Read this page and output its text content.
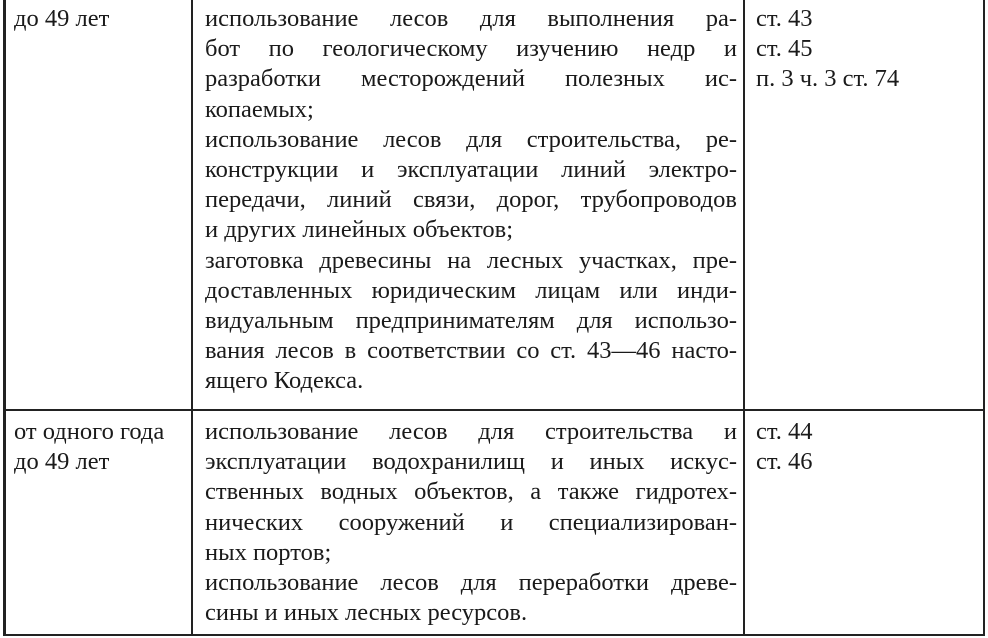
до 49 лет	использование лесов для выполнения ра-
бот по геологическому изучению недр и
разработки месторождений полезных ис-
копаемых;
использование лесов для строительства, ре-
конструкции и эксплуатации линий электро-
передачи, линий связи, дорог, трубопроводов
и других линейных объектов;
заготовка древесины на лесных участках, пре-
доставленных юридическим лицам или инди-
видуальным предпринимателям для использо-
вания лесов в соответствии со ст. 43—46 насто-
ящего Кодекса.
ст. 43
ст. 45
п. 3 ч. 3 ст. 74
от одного года
до 49 лет
использование лесов для строительства и
эксплуатации водохранилищ и иных искус-
ственных водных объектов, а также гидротех-
нических сооружений и специализирован-
ных портов;
использование лесов для переработки древе-
сины и иных лесных ресурсов.
ст. 44
ст. 46
